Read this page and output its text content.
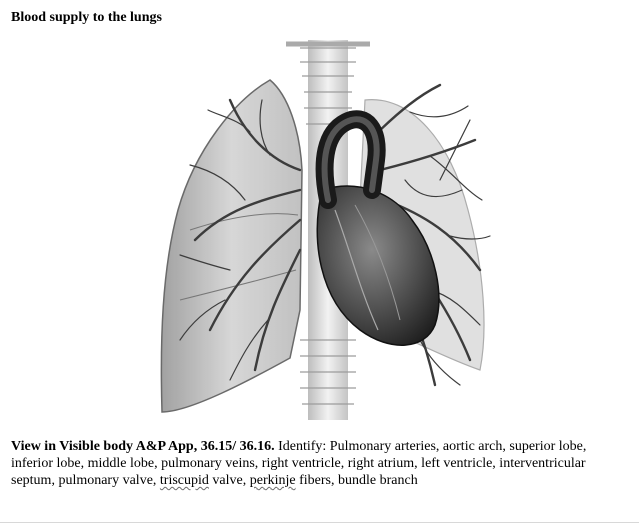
Blood supply to the lungs
View in Visible body A&P App, 36.15/ 36.16. Identify: Pulmonary arteries, aortic arch, superior lobe, inferior lobe, middle lobe, pulmonary veins, right ventricle, right atrium, left ventricle, interventricular septum, pulmonary valve, triscupid valve, perkinje fibers, bundle branch
